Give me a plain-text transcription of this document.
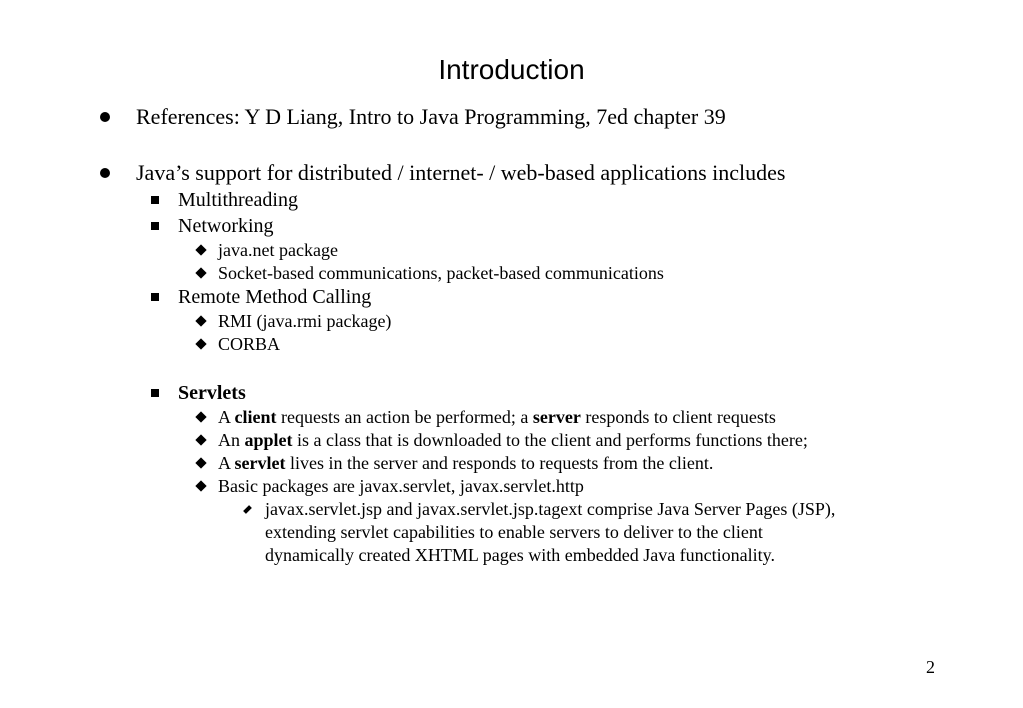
Introduction
References: Y D Liang, Intro to Java Programming, 7ed chapter 39
Java’s support for distributed / internet- / web-based applications includes
Multithreading
Networking
java.net package
Socket-based communications, packet-based communications
Remote Method Calling
RMI (java.rmi package)
CORBA
Servlets
A client requests an action be performed; a server responds to client requests
An applet is a class that is downloaded to the client and performs functions there;
A servlet lives in the server and responds to requests from the client.
Basic packages are javax.servlet, javax.servlet.http
javax.servlet.jsp and javax.servlet.jsp.tagext comprise Java Server Pages (JSP),
extending servlet capabilities to enable servers to deliver to the client
dynamically created XHTML pages with embedded Java functionality.
2
